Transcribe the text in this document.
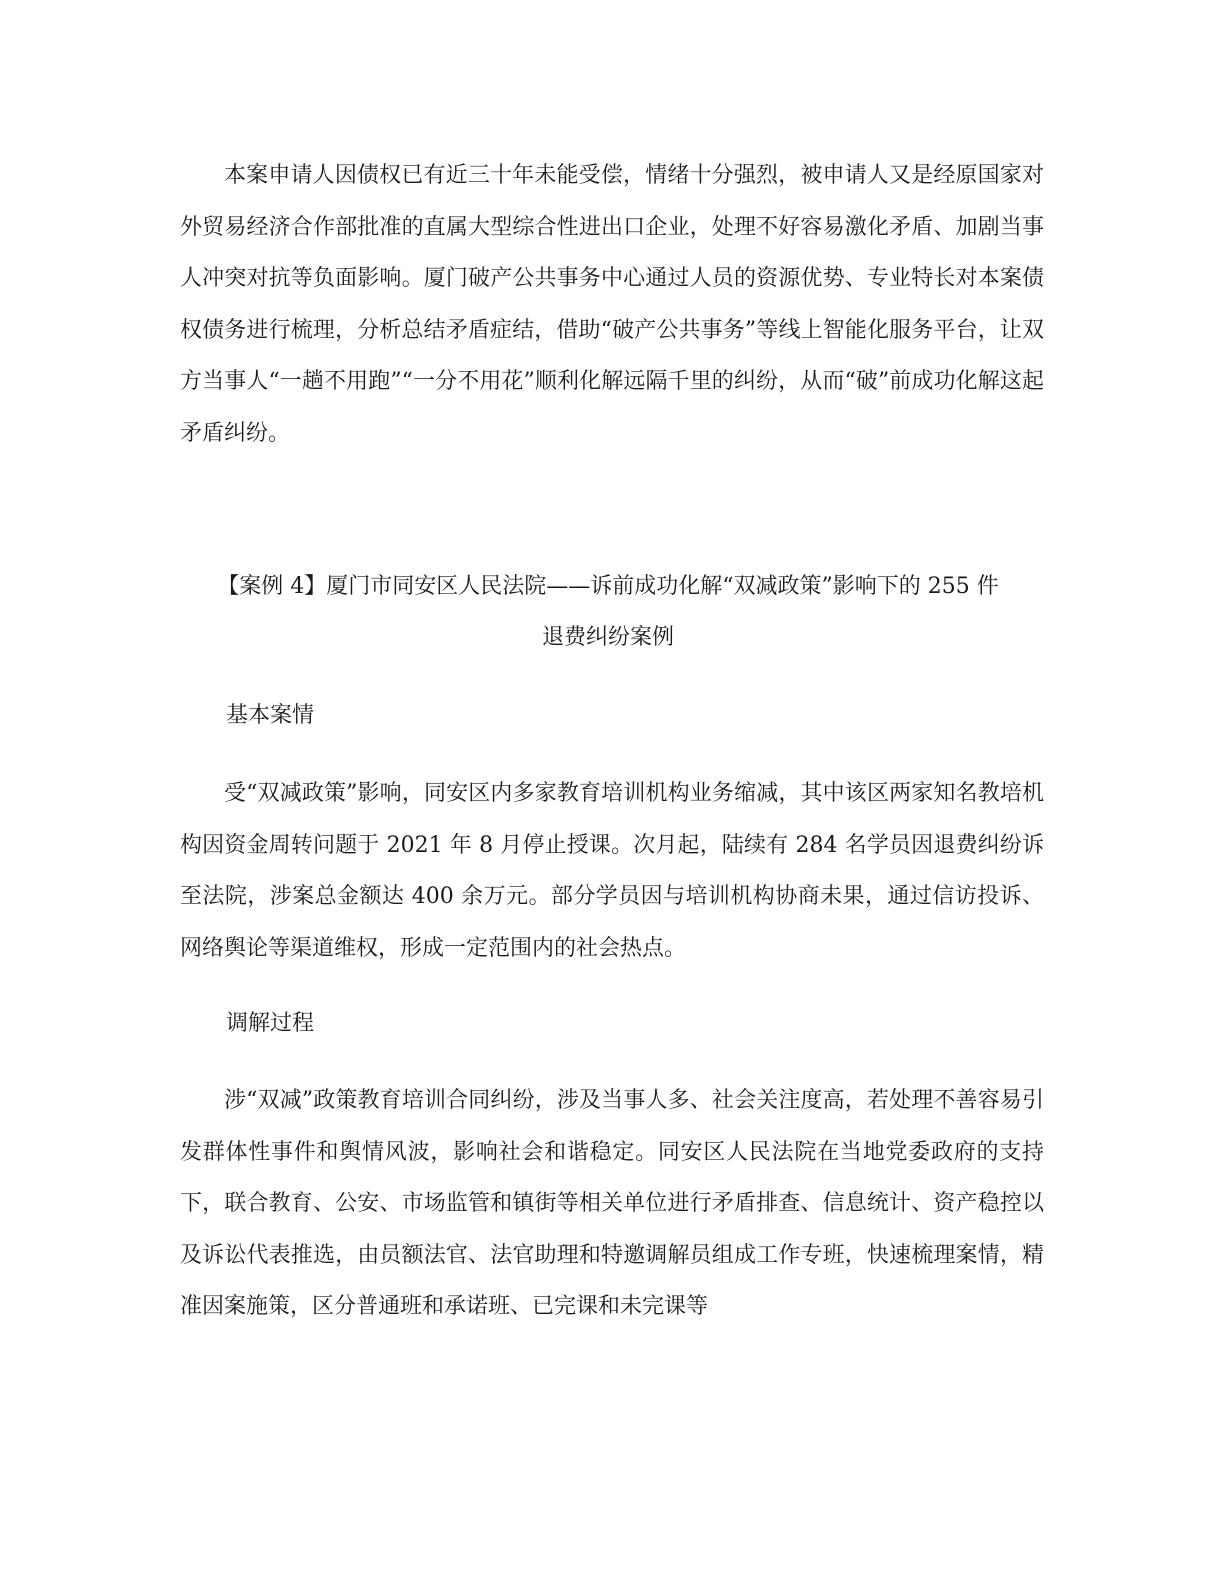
本案申请人因债权已有近三十年未能受偿，情绪十分强烈，被申请人又是经原国家对外贸易经济合作部批准的直属大型综合性进出口企业，处理不好容易激化矛盾、加剧当事人冲突对抗等负面影响。厦门破产公共事务中心通过人员的资源优势、专业特长对本案债权债务进行梳理，分析总结矛盾症结，借助“破产公共事务”等线上智能化服务平台，让双方当事人“一趟不用跑”“一分不用花”顺利化解远隔千里的纠纷，从而“破”前成功化解这起矛盾纠纷。

【案例 4】厦门市同安区人民法院——诉前成功化解“双减政策”影响下的 255 件
退费纠纷案例

基本案情

受“双减政策”影响，同安区内多家教育培训机构业务缩减，其中该区两家知名教培机构因资金周转问题于 2021 年 8 月停止授课。次月起，陆续有 284 名学员因退费纠纷诉至法院，涉案总金额达 400 余万元。部分学员因与培训机构协商未果，通过信访投诉、网络舆论等渠道维权，形成一定范围内的社会热点。

调解过程

涉“双减”政策教育培训合同纠纷，涉及当事人多、社会关注度高，若处理不善容易引发群体性事件和舆情风波，影响社会和谐稳定。同安区人民法院在当地党委政府的支持下，联合教育、公安、市场监管和镇街等相关单位进行矛盾排查、信息统计、资产稳控以及诉讼代表推选，由员额法官、法官助理和特邀调解员组成工作专班，快速梳理案情，精准因案施策，区分普通班和承诺班、已完课和未完课等
